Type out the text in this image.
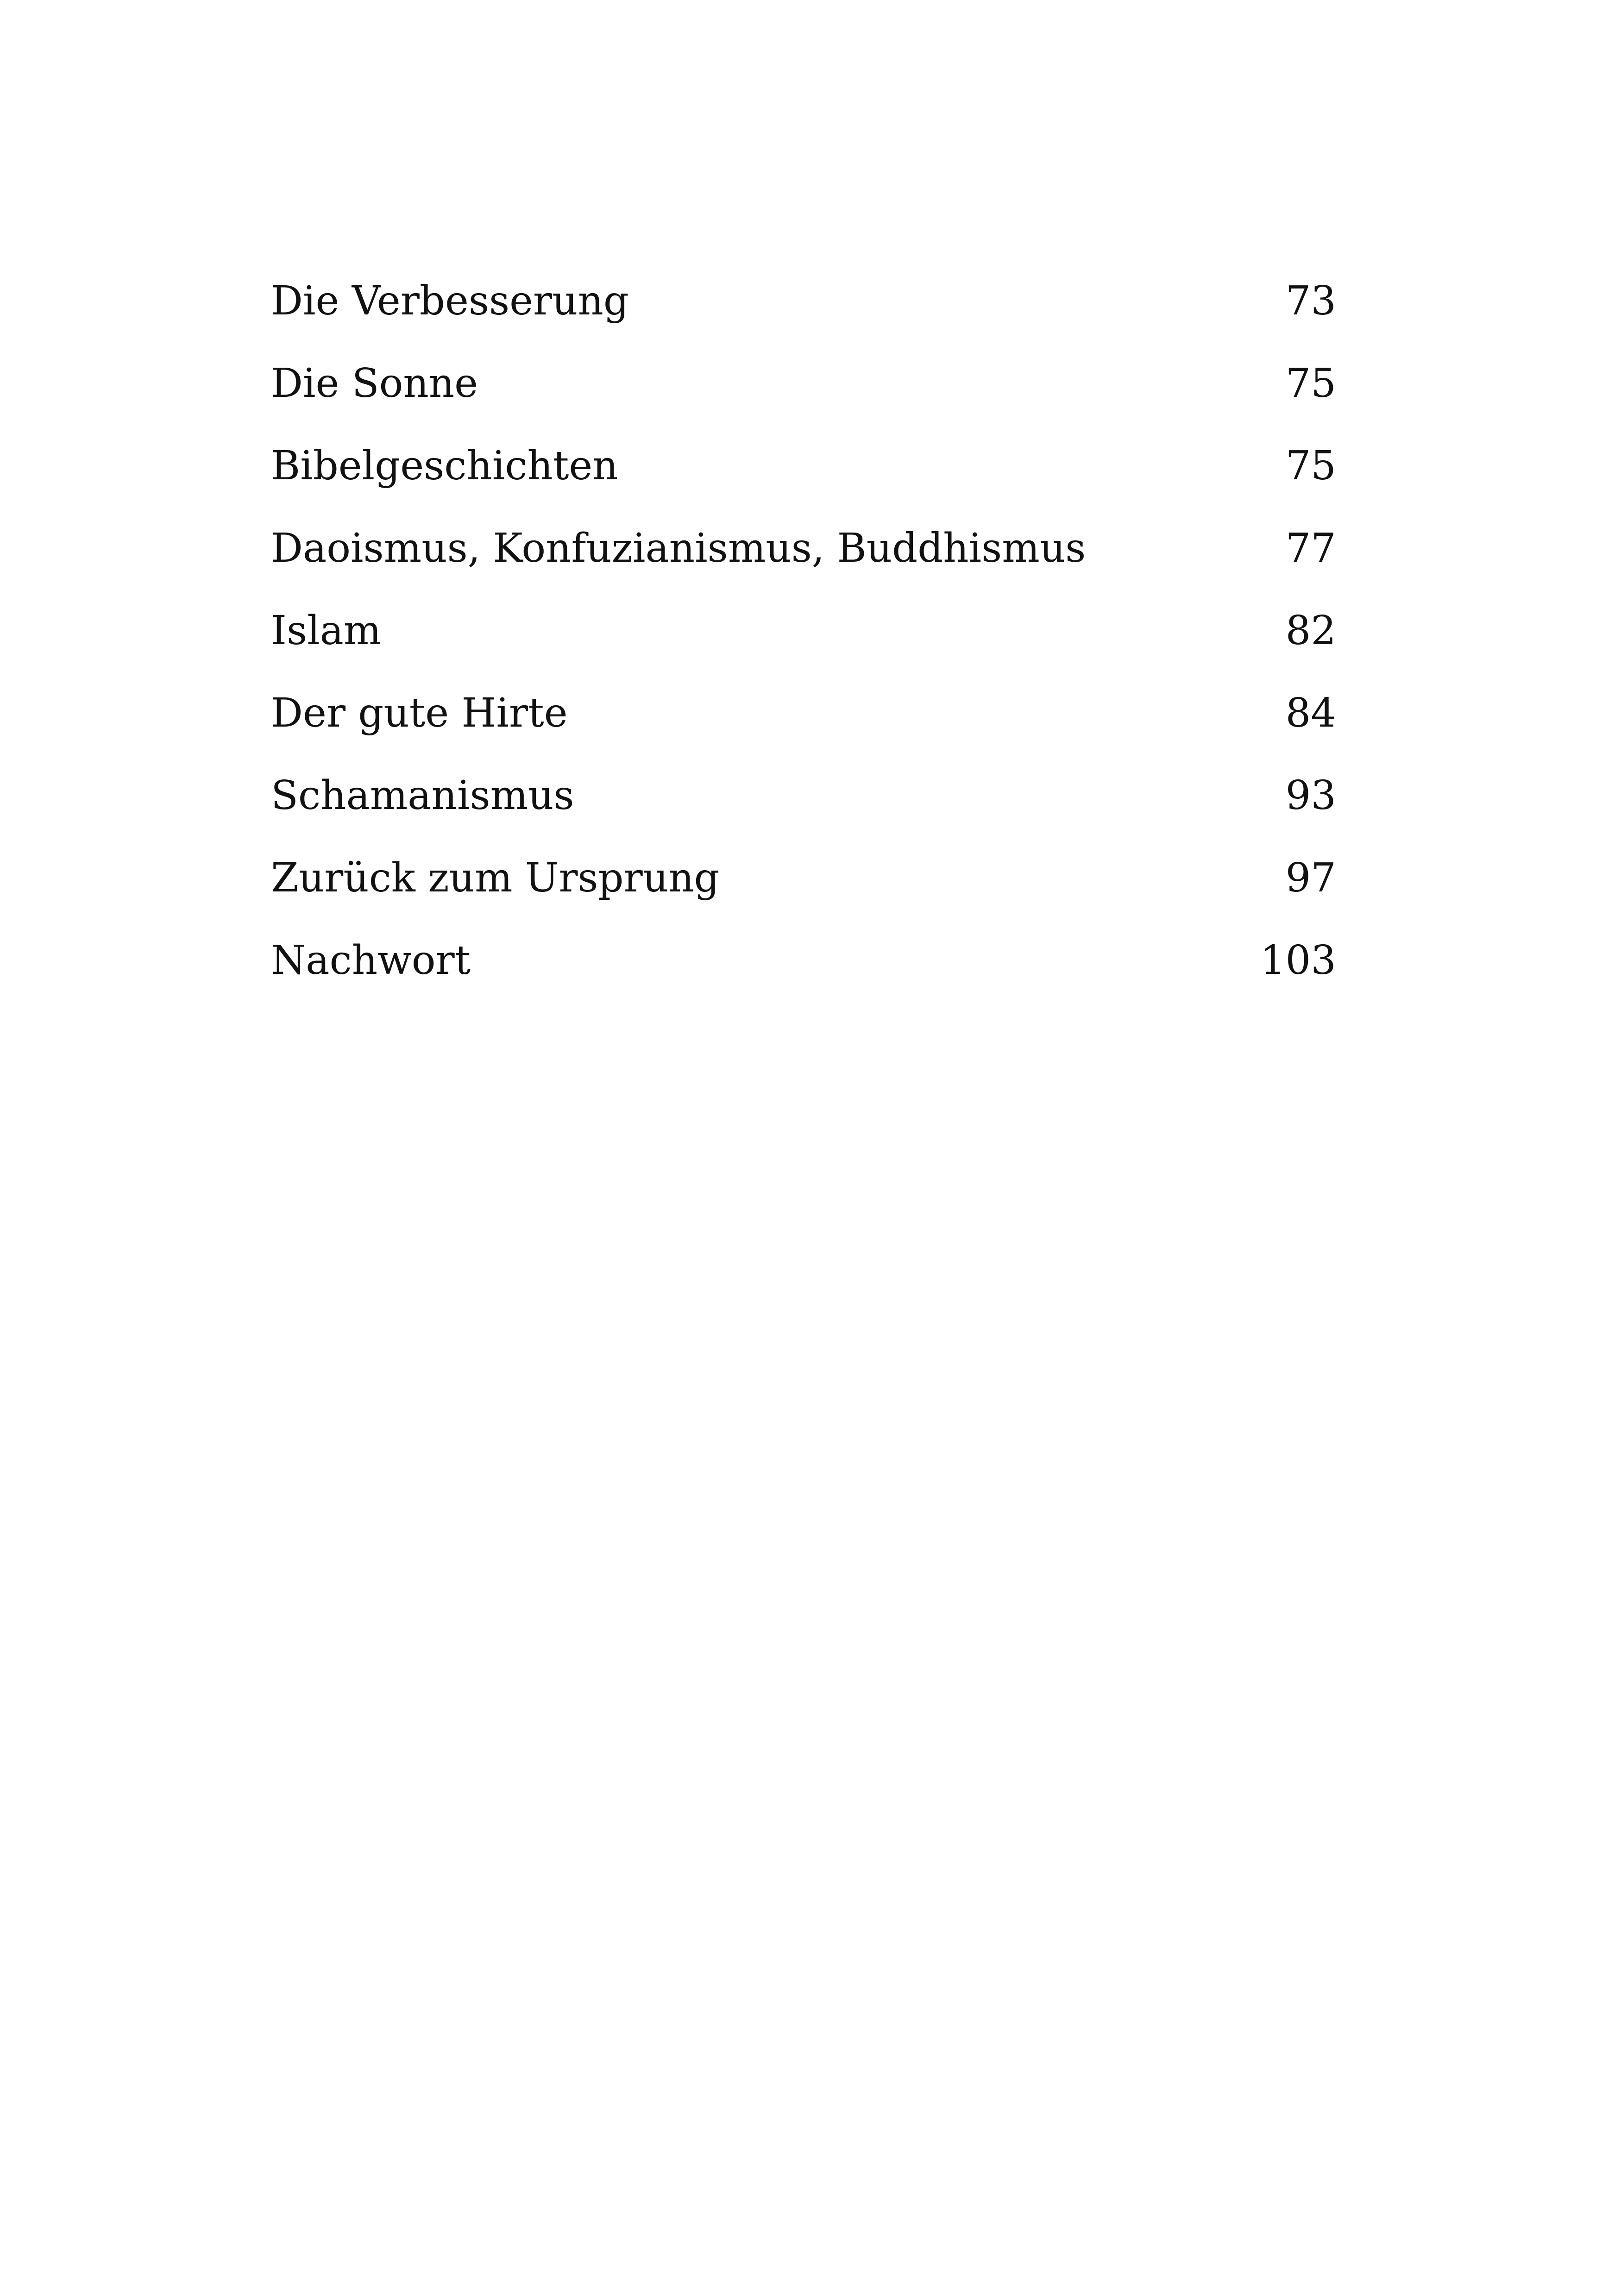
Die Verbesserung	73
Die Sonne	75
Bibelgeschichten	75
Daoismus, Konfuzianismus, Buddhismus	77
Islam	82
Der gute Hirte	84
Schamanismus	93
Zurück zum Ursprung	97
Nachwort	103
